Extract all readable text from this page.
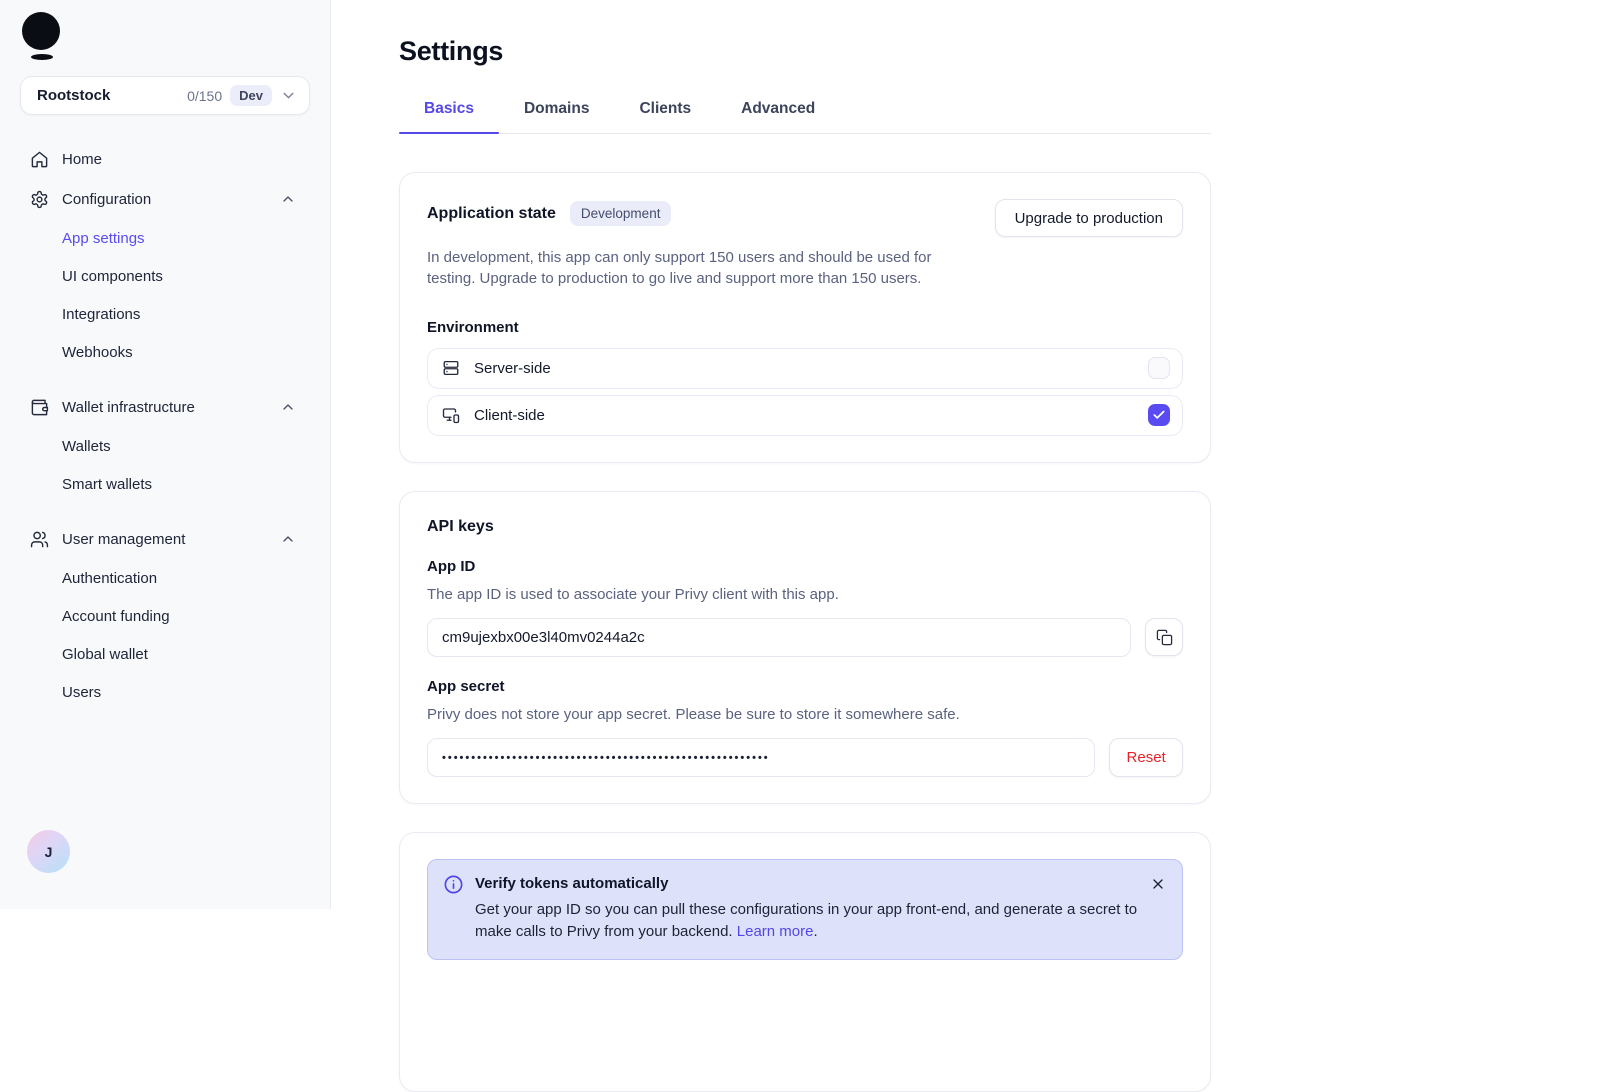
Rootstock	0/150	Dev
Home
Configuration
App settings
UI components
Integrations
Webhooks
Wallet infrastructure
Wallets
Smart wallets
User management
Authentication
Account funding
Global wallet
Users
J
Settings
Basics	Domains	Clients	Advanced
Application state	Development	Upgrade to production

In development, this app can only support 150 users and should be used for testing. Upgrade to production to go live and support more than 150 users.

Environment
Server-side
Client-side
API keys
App ID

The app ID is used to associate your Privy client with this app.

cm9ujexbx00e3l40mv0244a2c
App secret

Privy does not store your app secret. Please be sure to store it somewhere safe.

••••••••••••••••••••••••••••••••••••••••••••••••••••••••
Reset
Verify tokens automatically
Get your app ID so you can pull these configurations in your app front-end, and generate a secret to make calls to Privy from your backend. Learn more.
